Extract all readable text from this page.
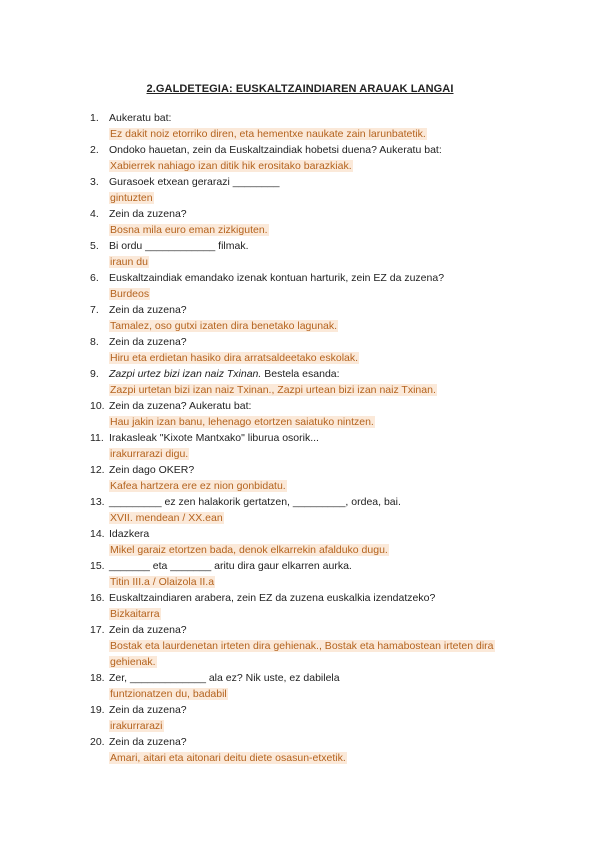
2.GALDETEGIA: EUSKALTZAINDIAREN ARAUAK LANGAI
1. Aukeratu bat:
Ez dakit noiz etorriko diren, eta hementxe naukate zain larunbatetik.
2. Ondoko hauetan, zein da Euskaltzaindiak hobetsi duena? Aukeratu bat:
Xabierrek nahiago izan ditik hik erositako barazkiak.
3. Gurasoek etxean gerarazi ________
gintuzten
4. Zein da zuzena?
Bosna mila euro eman zizkiguten.
5. Bi ordu ____________ filmak.
iraun du
6. Euskaltzaindiak emandako izenak kontuan harturik, zein EZ da zuzena?
Burdeos
7. Zein da zuzena?
Tamalez, oso gutxi izaten dira benetako lagunak.
8. Zein da zuzena?
Hiru eta erdietan hasiko dira arratsaldeetako eskolak.
9. Zazpi urtez bizi izan naiz Txinan. Bestela esanda:
Zazpi urtetan bizi izan naiz Txinan., Zazpi urtean bizi izan naiz Txinan.
10. Zein da zuzena? Aukeratu bat:
Hau jakin izan banu, lehenago etortzen saiatuko nintzen.
11. Irakasleak "Kixote Mantxako" liburua osorik...
irakurrarazi digu.
12. Zein dago OKER?
Kafea hartzera ere ez nion gonbidatu.
13. _________ ez zen halakorik gertatzen, _________, ordea, bai.
XVII. mendean / XX.ean
14. Idazkera
Mikel garaiz etortzen bada, denok elkarrekin afalduko dugu.
15. _______ eta _______ aritu dira gaur elkarren aurka.
Titin III.a / Olaizola II.a
16. Euskaltzaindiaren arabera, zein EZ da zuzena euskalkia izendatzeko?
Bizkaitarra
17. Zein da zuzena?
Bostak eta laurdenetan irteten dira gehienak., Bostak eta hamabostean irteten dira gehienak.
18. Zer, _____________ ala ez? Nik uste, ez dabilela
funtzionatzen du, badabil
19. Zein da zuzena?
irakurrarazi
20. Zein da zuzena?
Amari, aitari eta aitonari deitu diete osasun-etxetik.
